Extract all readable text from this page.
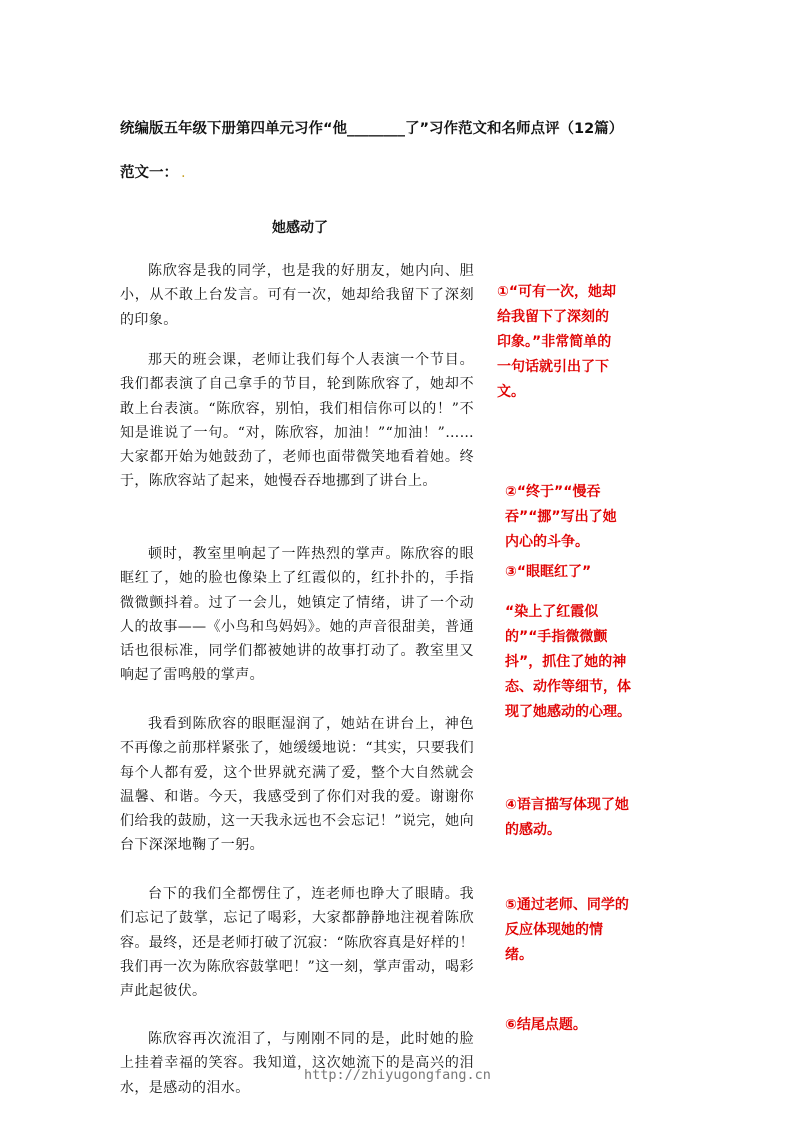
统编版五年级下册第四单元习作“他________了”习作范文和名师点评（12篇）
范文一： .
她感动了

陈欣容是我的同学，也是我的好朋友，她内向、胆小，从不敢上台发言。可有一次，她却给我留下了深刻的印象。

那天的班会课，老师让我们每个人表演一个节目。我们都表演了自己拿手的节目，轮到陈欣容了，她却不敢上台表演。“陈欣容，别怕，我们相信你可以的！”不知是谁说了一句。“对，陈欣容，加油！”“加油！”……大家都开始为她鼓劲了，老师也面带微笑地看着她。终于，陈欣容站了起来，她慢吞吞地挪到了讲台上。

顿时，教室里响起了一阵热烈的掌声。陈欣容的眼眶红了，她的脸也像染上了红霞似的，红扑扑的，手指微微颤抖着。过了一会儿，她镇定了情绪，讲了一个动人的故事——《小鸟和鸟妈妈》。她的声音很甜美，普通话也很标准，同学们都被她讲的故事打动了。教室里又响起了雷鸣般的掌声。

我看到陈欣容的眼眶湿润了，她站在讲台上，神色不再像之前那样紧张了，她缓缓地说：“其实，只要我们每个人都有爱，这个世界就充满了爱，整个大自然就会温馨、和谐。今天，我感受到了你们对我的爱。谢谢你们给我的鼓励，这一天我永远也不会忘记！”说完，她向台下深深地鞠了一躬。

台下的我们全都愣住了，连老师也睁大了眼睛。我们忘记了鼓掌，忘记了喝彩，大家都静静地注视着陈欣容。最终，还是老师打破了沉寂：“陈欣容真是好样的！我们再一次为陈欣容鼓掌吧！”这一刻，掌声雷动，喝彩声此起彼伏。

陈欣容再次流泪了，与刚刚不同的是，此时她的脸上挂着幸福的笑容。我知道，这次她流下的是高兴的泪水，是感动的泪水。

①“可有一次，她却给我留下了深刻的印象。”非常简单的一句话就引出了下文。
②“终于”“慢吞吞”“挪”写出了她内心的斗争。
③“眼眶红了”
“染上了红霞似的”“手指微微颤抖”，抓住了她的神态、动作等细节，体现了她感动的心理。
④语言描写体现了她的感动。
⑤通过老师、同学的反应体现她的情绪。
⑥结尾点题。
http://zhiyugongfang.cn
